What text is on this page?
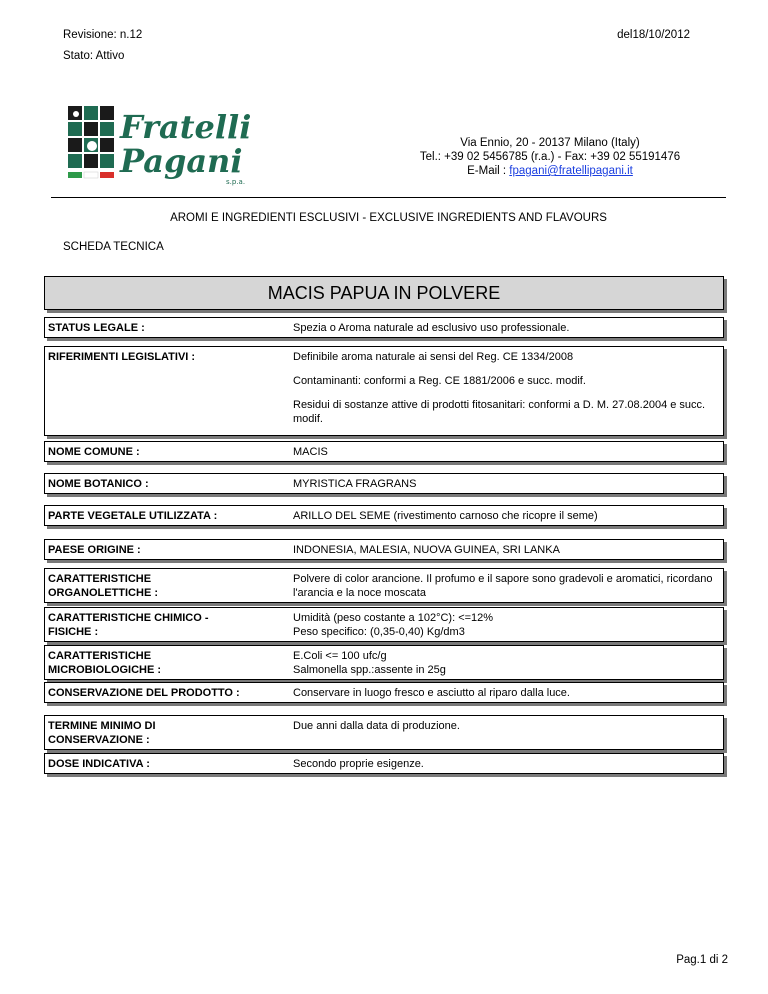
Revisione: n.12	del18/10/2012
Stato: Attivo
Fratelli
Pagani
s.p.a.
Via Ennio, 20 - 20137 Milano (Italy)
Tel.: +39 02 5456785 (r.a.) - Fax: +39 02 55191476
E-Mail : fpagani@fratellipagani.it
AROMI E INGREDIENTI ESCLUSIVI - EXCLUSIVE INGREDIENTS AND FLAVOURS
SCHEDA TECNICA
MACIS PAPUA IN POLVERE
STATUS LEGALE :	Spezia o Aroma naturale ad esclusivo uso professionale.

RIFERIMENTI LEGISLATIVI :	Definibile aroma naturale ai sensi del Reg. CE 1334/2008

Contaminanti: conformi a Reg. CE 1881/2006 e succ. modif.

Residui di sostanze attive di prodotti fitosanitari: conformi a D. M. 27.08.2004 e succ. modif.

NOME COMUNE :	MACIS

NOME BOTANICO :	MYRISTICA FRAGRANS

PARTE VEGETALE UTILIZZATA :	ARILLO DEL SEME (rivestimento carnoso che ricopre il seme)

PAESE ORIGINE :	INDONESIA, MALESIA, NUOVA GUINEA, SRI LANKA

CARATTERISTICHE ORGANOLETTICHE :

Polvere di color arancione. Il profumo e il sapore sono gradevoli e aromatici, ricordano l'arancia e la noce moscata

CARATTERISTICHE CHIMICO - FISICHE :

Umidità (peso costante a 102°C): <=12%
Peso specifico: (0,35-0,40) Kg/dm3

CARATTERISTICHE MICROBIOLOGICHE :

E.Coli <= 100 ufc/g
Salmonella spp.:assente in 25g

CONSERVAZIONE DEL PRODOTTO :	Conservare in luogo fresco e asciutto al riparo dalla luce.

TERMINE MINIMO DI CONSERVAZIONE :

Due anni dalla data di produzione.

DOSE INDICATIVA :	Secondo proprie esigenze.

Pag.1 di 2
